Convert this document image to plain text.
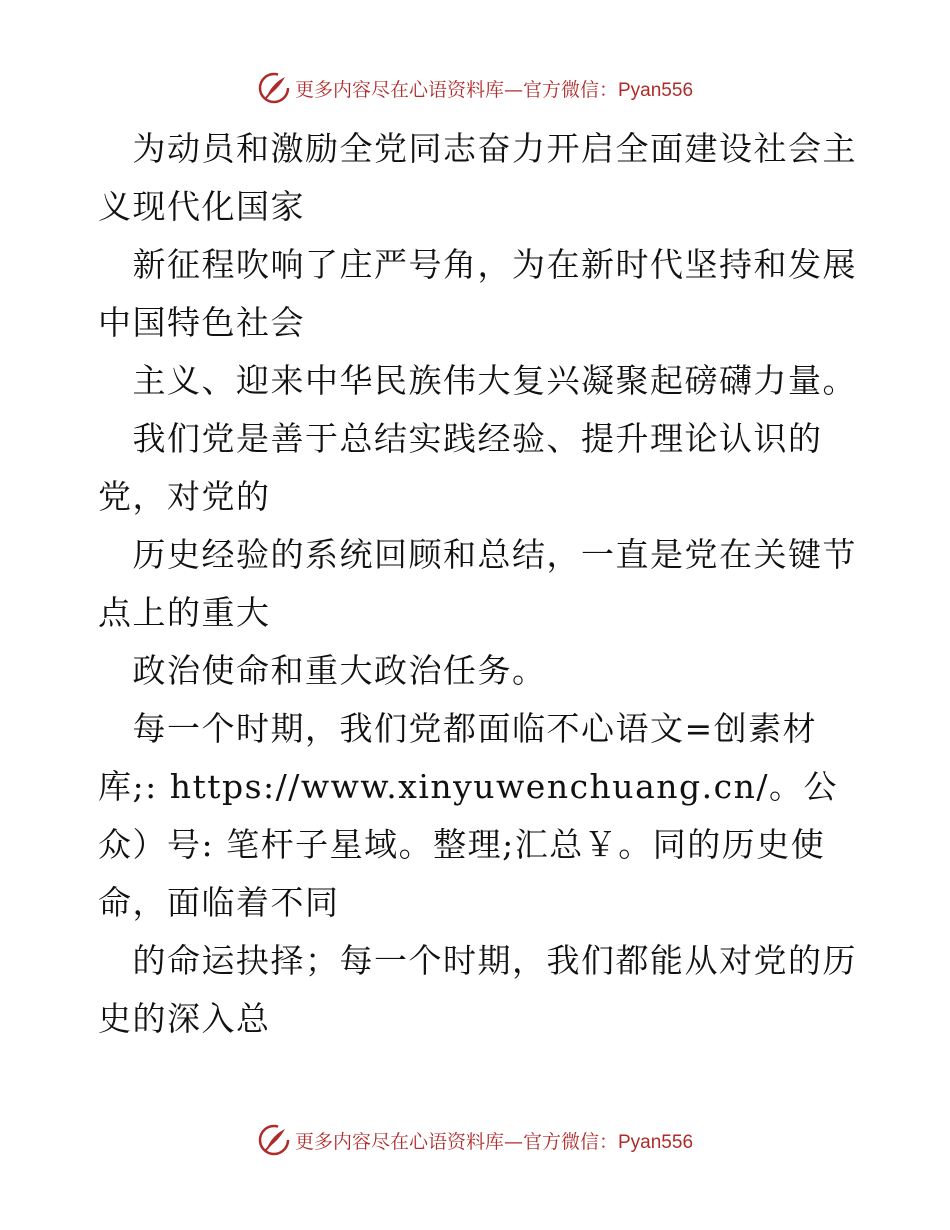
更多内容尽在心语资料库—官方微信：Pyan556

　为动员和激励全党同志奋力开启全面建设社会主义现代化国家

　新征程吹响了庄严号角，为在新时代坚持和发展中国特色社会

　主义、迎来中华民族伟大复兴凝聚起磅礴力量。

　我们党是善于总结实践经验、提升理论认识的党，对党的

　历史经验的系统回顾和总结，一直是党在关键节点上的重大

　政治使命和重大政治任务。

　每一个时期，我们党都面临不心语文=创素材库;: https://www.xinyuwenchuang.cn/。公众）号: 笔杆子星域。整理;汇总￥。同的历史使命，面临着不同

　的命运抉择；每一个时期，我们都能从对党的历史的深入总

更多内容尽在心语资料库—官方微信：Pyan556
